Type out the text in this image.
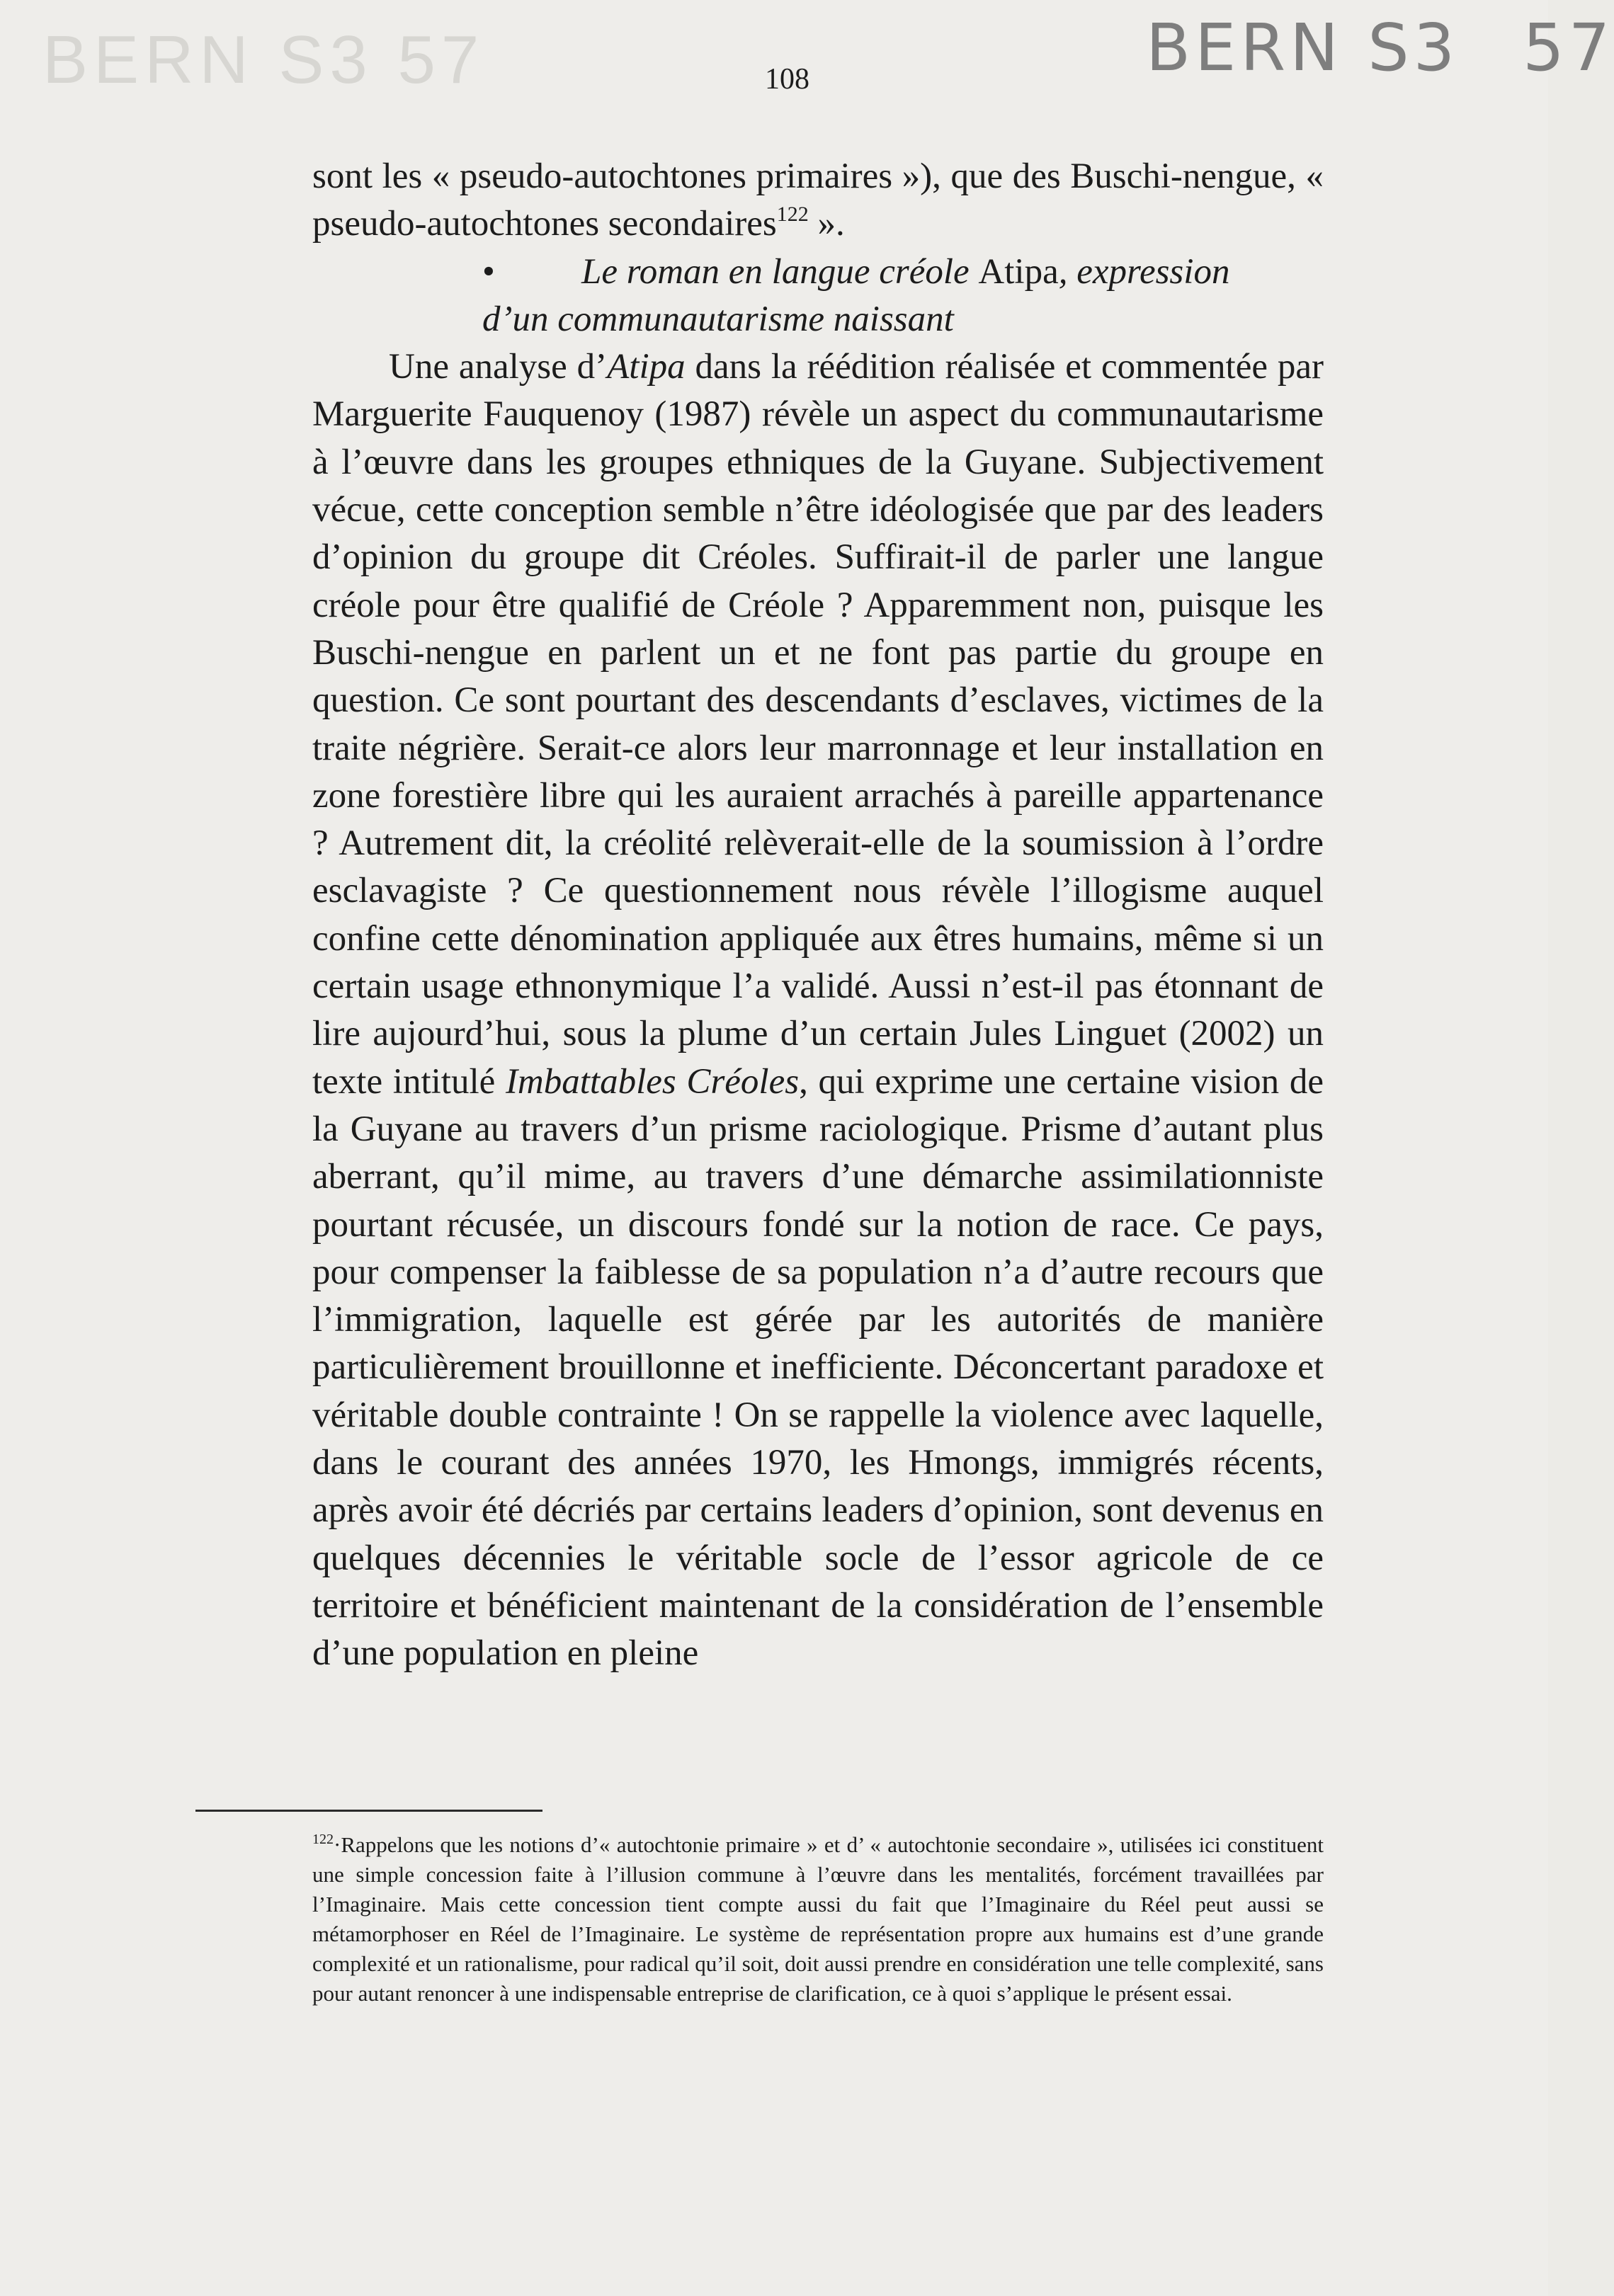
BERN S3 57	BERN S3 57
108

sont les « pseudo-autochtones primaires »), que des Buschi-nengue, « pseudo-autochtones secondaires$^{122}$ ».

•	Le roman en langue créole Atipa, expression
d’un communautarisme naissant

Une analyse d’Atipa dans la réédition réalisée et commentée par Marguerite Fauquenoy (1987) révèle un aspect du communautarisme à l’œuvre dans les groupes ethniques de la Guyane. Subjectivement vécue, cette conception semble n’être idéologisée que par des leaders d’opinion du groupe dit Créoles. Suffirait-il de parler une langue créole pour être qualifié de Créole ? Apparemment non, puisque les Buschi-nengue en parlent un et ne font pas partie du groupe en question. Ce sont pourtant des descendants d’esclaves, victimes de la traite négrière. Serait-ce alors leur marronnage et leur installation en zone forestière libre qui les auraient arrachés à pareille appartenance ? Autrement dit, la créolité relèverait-elle de la soumission à l’ordre esclavagiste ? Ce questionnement nous révèle l’illogisme auquel confine cette dénomination appliquée aux êtres humains, même si un certain usage ethnonymique l’a validé. Aussi n’est-il pas étonnant de lire aujourd’hui, sous la plume d’un certain Jules Linguet (2002) un texte intitulé Imbattables Créoles, qui exprime une certaine vision de la Guyane au travers d’un prisme raciologique. Prisme d’autant plus aberrant, qu’il mime, au travers d’une démarche assimilationniste pourtant récusée, un discours fondé sur la notion de race. Ce pays, pour compenser la faiblesse de sa population n’a d’autre recours que l’immigration, laquelle est gérée par les autorités de manière particulièrement brouillonne et inefficiente. Déconcertant paradoxe et véritable double contrainte ! On se rappelle la violence avec laquelle, dans le courant des années 1970, les Hmongs, immigrés récents, après avoir été décriés par certains leaders d’opinion, sont devenus en quelques décennies le véritable socle de l’essor agricole de ce territoire et bénéficient maintenant de la considération de l’ensemble d’une population en pleine

$^{122}$·Rappelons que les notions d’« autochtonie primaire » et d’ « autochtonie secondaire », utilisées ici constituent une simple concession faite à l’illusion commune à l’œuvre dans les mentalités, forcément travaillées par l’Imaginaire. Mais cette concession tient compte aussi du fait que l’Imaginaire du Réel peut aussi se métamorphoser en Réel de l’Imaginaire. Le système de représentation propre aux humains est d’une grande complexité et un rationalisme, pour radical qu’il soit, doit aussi prendre en considération une telle complexité, sans pour autant renoncer à une indispensable entreprise de clarification, ce à quoi s’applique le présent essai.
